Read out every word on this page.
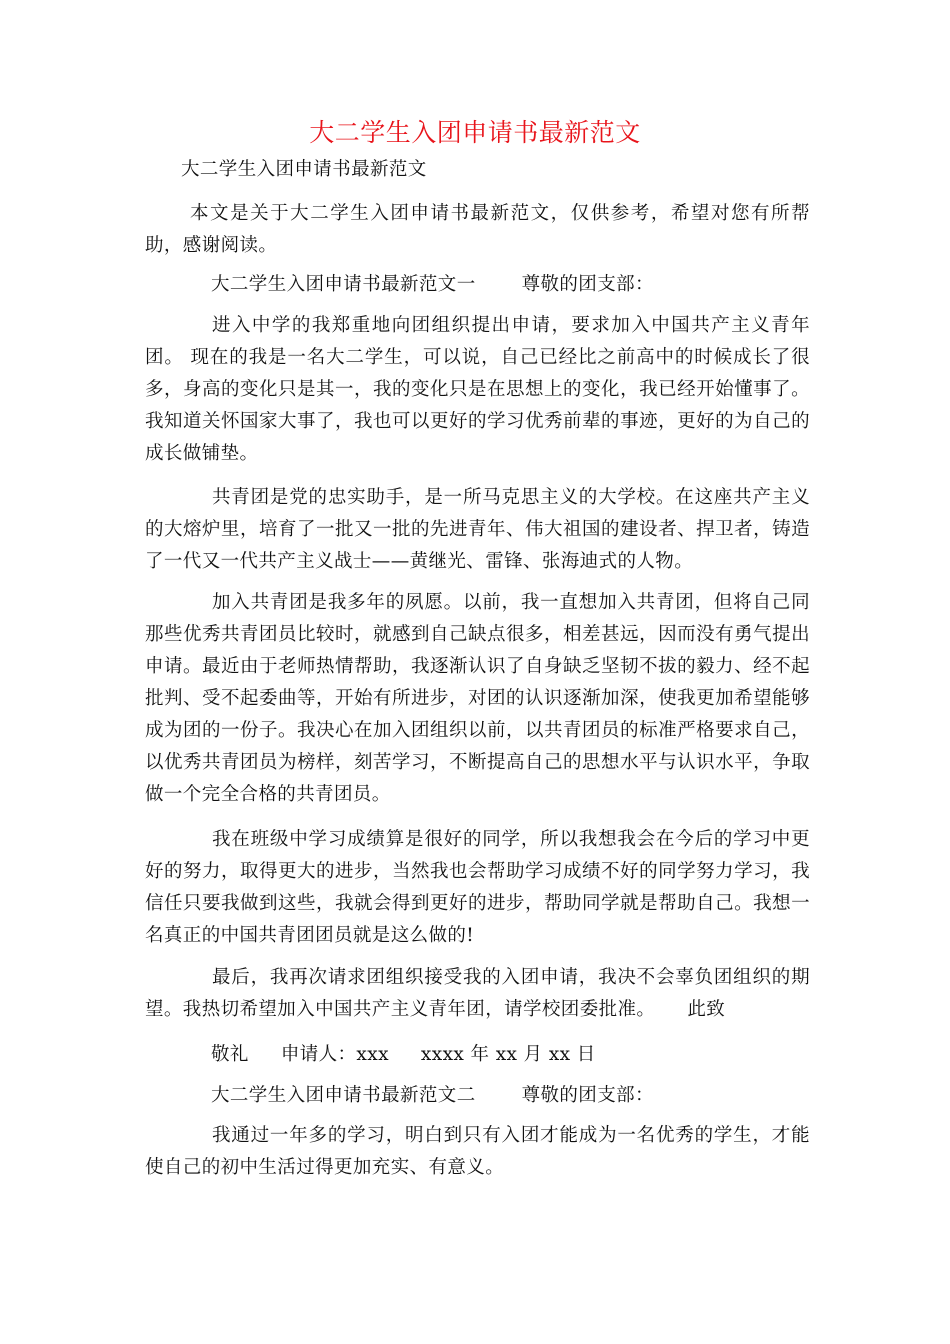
大二学生入团申请书最新范文
大二学生入团申请书最新范文
本文是关于大二学生入团申请书最新范文，仅供参考，希望对您有所帮助，感谢阅读。
大二学生入团申请书最新范文一 尊敬的团支部：
进入中学的我郑重地向团组织提出申请，要求加入中国共产主义青年团。 现在的我是一名大二学生，可以说，自己已经比之前高中的时候成长了很多，身高的变化只是其一，我的变化只是在思想上的变化，我已经开始懂事了。我知道关怀国家大事了，我也可以更好的学习优秀前辈的事迹，更好的为自己的成长做铺垫。
共青团是党的忠实助手，是一所马克思主义的大学校。在这座共产主义的大熔炉里，培育了一批又一批的先进青年、伟大祖国的建设者、捍卫者，铸造了一代又一代共产主义战士——黄继光、雷锋、张海迪式的人物。
加入共青团是我多年的夙愿。以前，我一直想加入共青团，但将自己同那些优秀共青团员比较时，就感到自己缺点很多，相差甚远，因而没有勇气提出申请。最近由于老师热情帮助，我逐渐认识了自身缺乏坚韧不拔的毅力、经不起批判、受不起委曲等，开始有所进步，对团的认识逐渐加深，使我更加希望能够成为团的一份子。我决心在加入团组织以前，以共青团员的标准严格要求自己，以优秀共青团员为榜样，刻苦学习，不断提高自己的思想水平与认识水平，争取做一个完全合格的共青团员。
我在班级中学习成绩算是很好的同学，所以我想我会在今后的学习中更好的努力，取得更大的进步，当然我也会帮助学习成绩不好的同学努力学习，我信任只要我做到这些，我就会得到更好的进步，帮助同学就是帮助自己。我想一名真正的中国共青团团员就是这么做的!
最后，我再次请求团组织接受我的入团申请，我决不会辜负团组织的期望。我热切希望加入中国共产主义青年团，请学校团委批准。 此致
敬礼 申请人：xxx xxxx 年 xx 月 xx 日
大二学生入团申请书最新范文二 尊敬的团支部：
我通过一年多的学习，明白到只有入团才能成为一名优秀的学生，才能使自己的初中生活过得更加充实、有意义。
